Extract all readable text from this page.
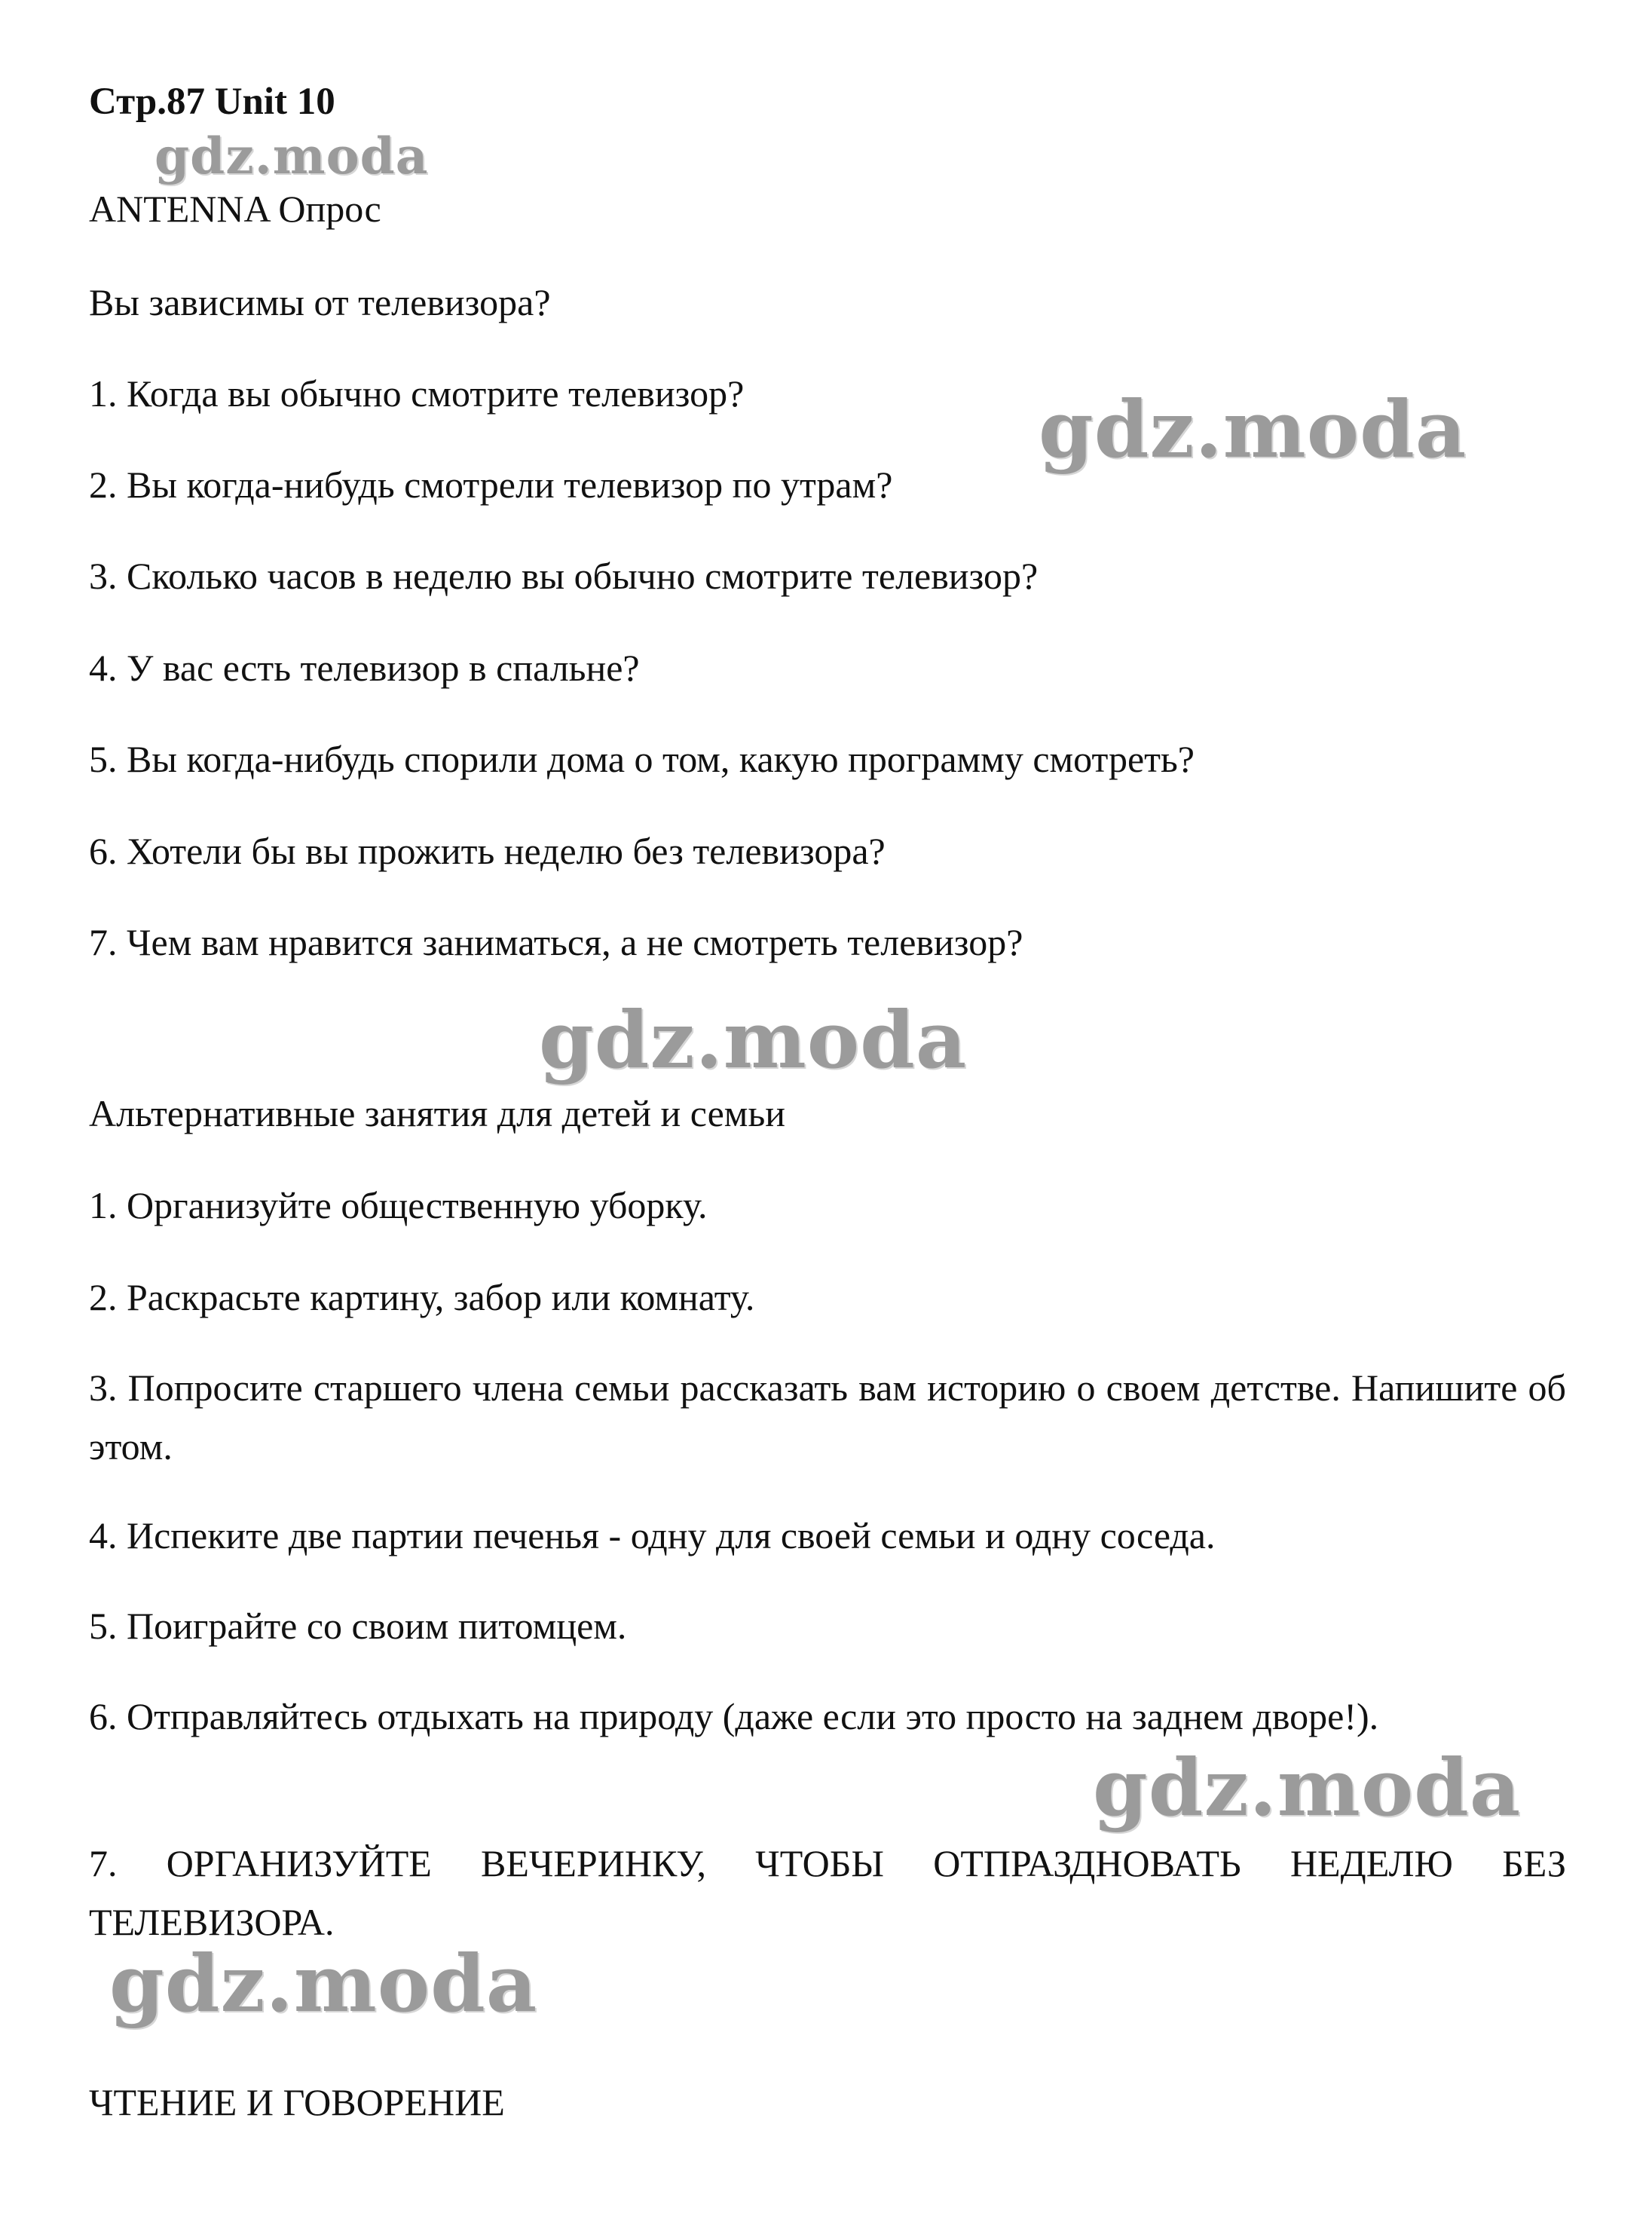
Стр.87 Unit 10
gdz.moda
ANTENNA Опрос
Вы зависимы от телевизора?
1. Когда вы обычно смотрите телевизор?	gdz.moda
2. Вы когда-нибудь смотрели телевизор по утрам?
3. Сколько часов в неделю вы обычно смотрите телевизор?
4. У вас есть телевизор в спальне?
5. Вы когда-нибудь спорили дома о том, какую программу смотреть?
6. Хотели бы вы прожить неделю без телевизора?
7. Чем вам нравится заниматься, а не смотреть телевизор?
gdz.moda
Альтернативные занятия для детей и семьи
1. Организуйте общественную уборку.
2. Раскрасьте картину, забор или комнату.
3. Попросите старшего члена семьи рассказать вам историю о своем детстве. Напишите об этом.
4. Испеките две партии печенья - одну для своей семьи и одну соседа.
5. Поиграйте со своим питомцем.
6. Отправляйтесь отдыхать на природу (даже если это просто на заднем дворе!).
gdz.moda
7. ОРГАНИЗУЙТЕ ВЕЧЕРИНКУ, ЧТОБЫ ОТПРАЗДНОВАТЬ НЕДЕЛЮ БЕЗ ТЕЛЕВИЗОРА.
gdz.moda
ЧТЕНИЕ И ГОВОРЕНИЕ
